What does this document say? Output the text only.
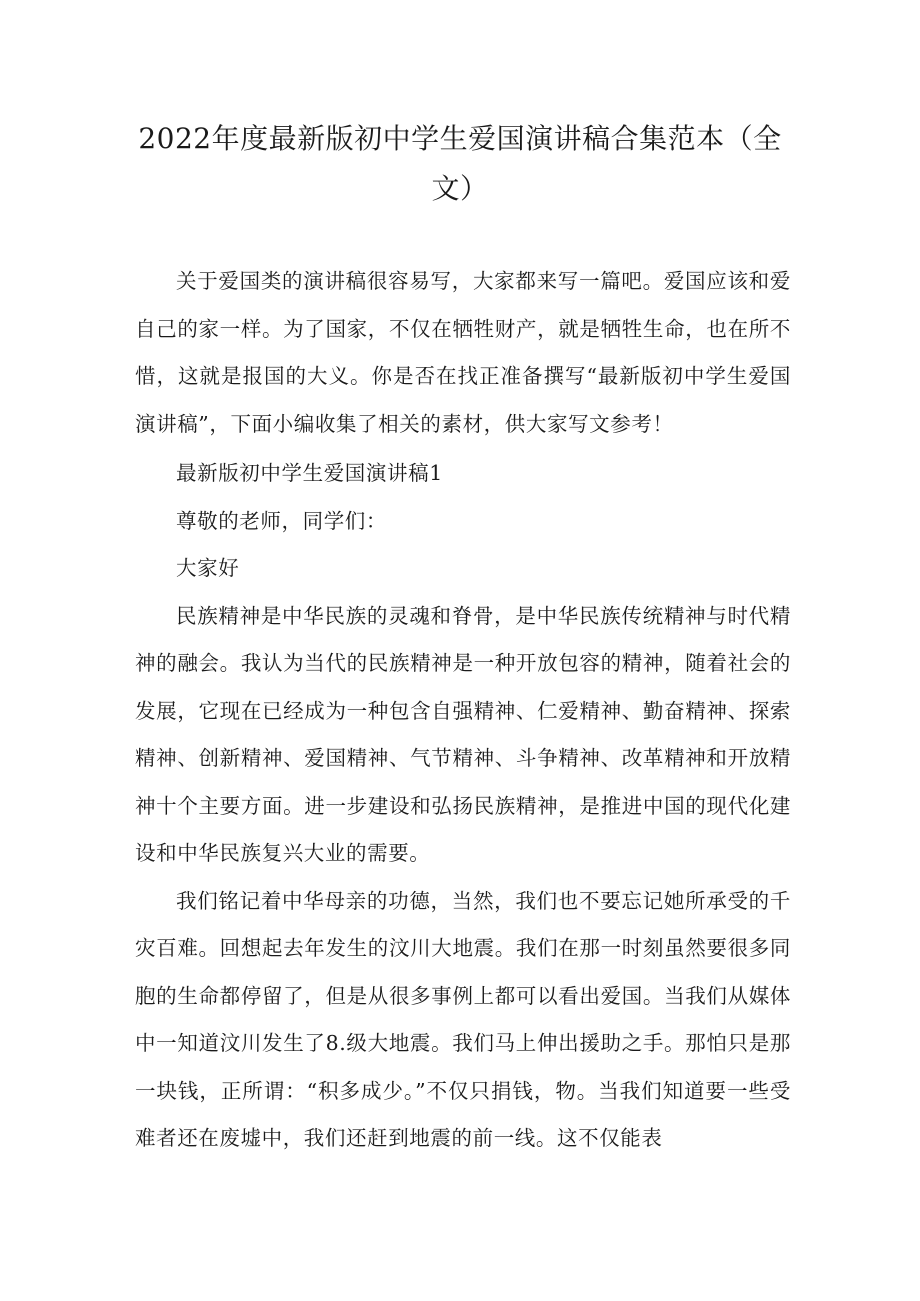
2022年度最新版初中学生爱国演讲稿合集范本（全文）

关于爱国类的演讲稿很容易写，大家都来写一篇吧。爱国应该和爱自己的家一样。为了国家，不仅在牺牲财产，就是牺牲生命，也在所不惜，这就是报国的大义。你是否在找正准备撰写“最新版初中学生爱国演讲稿”，下面小编收集了相关的素材，供大家写文参考！

最新版初中学生爱国演讲稿1

尊敬的老师，同学们：

大家好

民族精神是中华民族的灵魂和脊骨，是中华民族传统精神与时代精神的融会。我认为当代的民族精神是一种开放包容的精神，随着社会的发展，它现在已经成为一种包含自强精神、仁爱精神、勤奋精神、探索精神、创新精神、爱国精神、气节精神、斗争精神、改革精神和开放精神十个主要方面。进一步建设和弘扬民族精神，是推进中国的现代化建设和中华民族复兴大业的需要。

我们铭记着中华母亲的功德，当然，我们也不要忘记她所承受的千灾百难。回想起去年发生的汶川大地震。我们在那一时刻虽然要很多同胞的生命都停留了，但是从很多事例上都可以看出爱国。当我们从媒体中一知道汶川发生了8.级大地震。我们马上伸出援助之手。那怕只是那一块钱，正所谓：“积多成少。”不仅只捐钱，物。当我们知道要一些受难者还在废墟中，我们还赶到地震的前一线。这不仅能表
